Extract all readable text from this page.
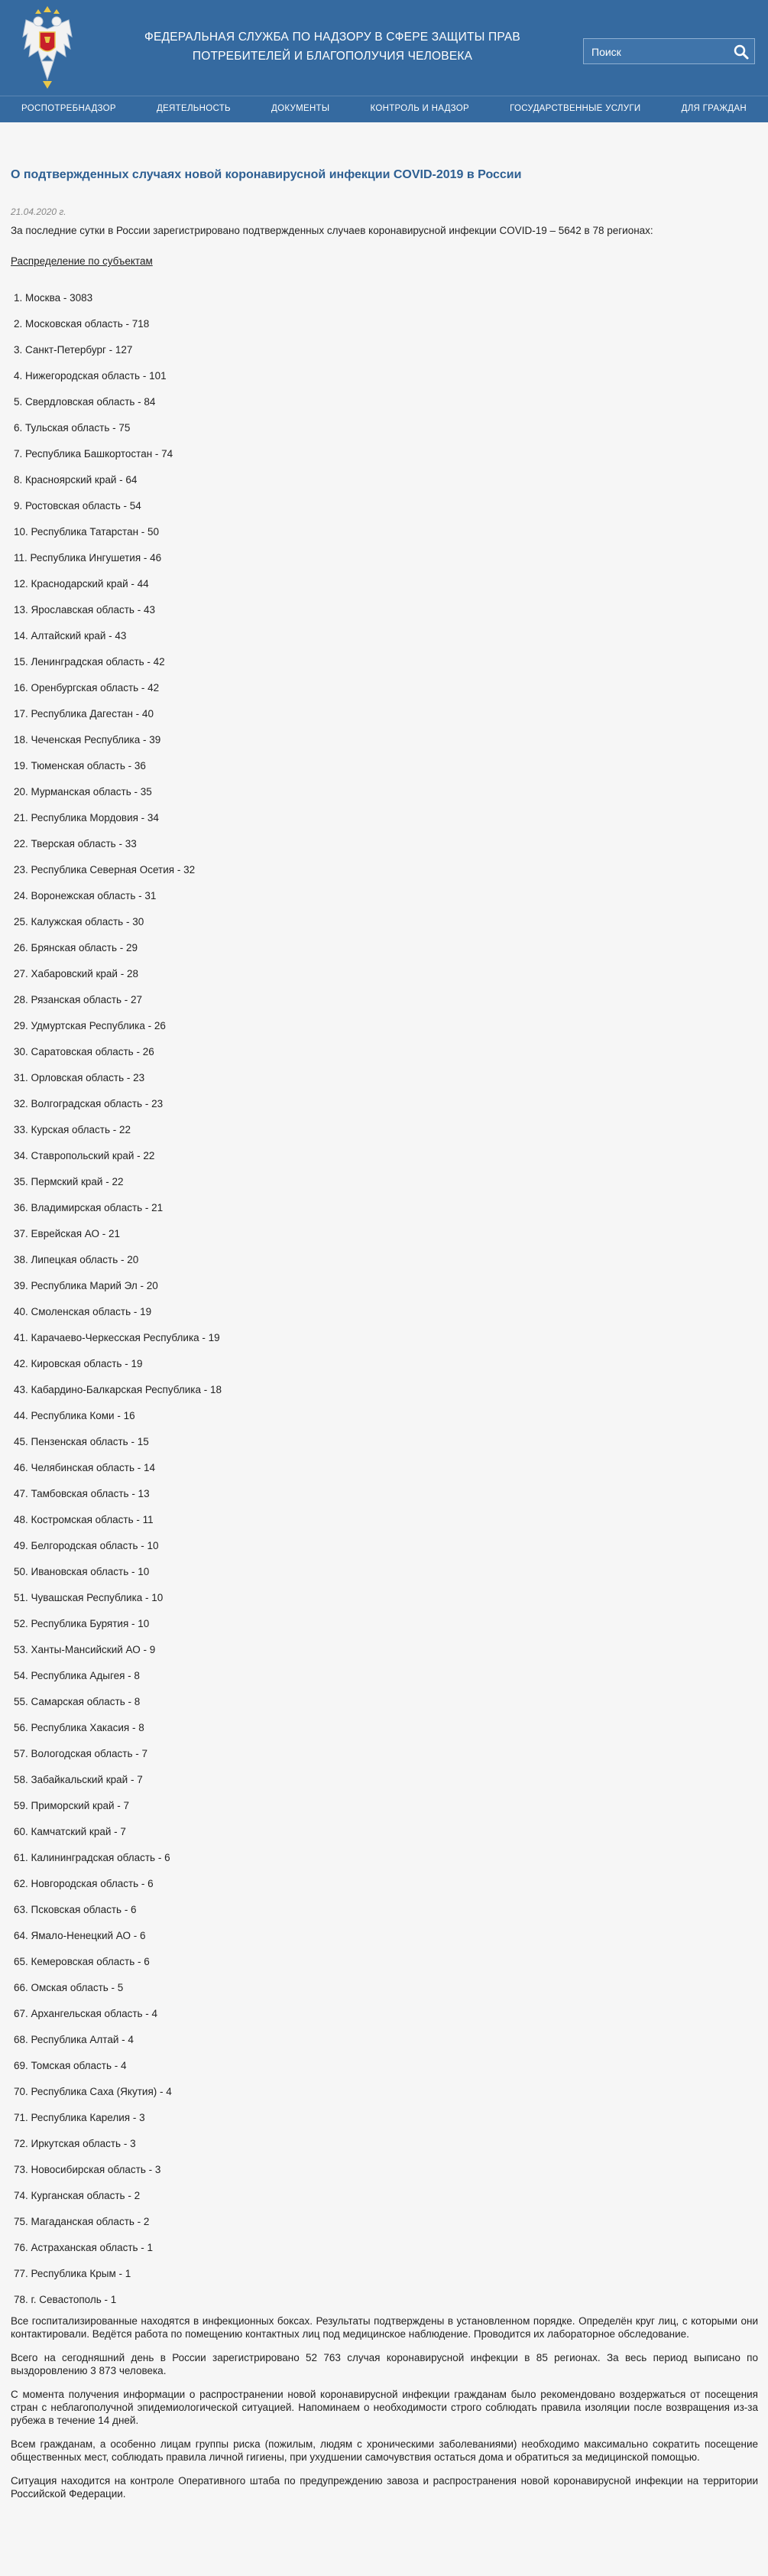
ФЕДЕРАЛЬНАЯ СЛУЖБА ПО НАДЗОРУ В СФЕРЕ ЗАЩИТЫ ПРАВ ПОТРЕБИТЕЛЕЙ И БЛАГОПОЛУЧИЯ ЧЕЛОВЕКА
Поиск
РОСПОТРЕБНАДЗОР	ДЕЯТЕЛЬНОСТЬ	ДОКУМЕНТЫ	КОНТРОЛЬ И НАДЗОР	ГОСУДАРСТВЕННЫЕ УСЛУГИ	ДЛЯ ГРАЖДАН
О подтвержденных случаях новой коронавирусной инфекции COVID-2019 в России
21.04.2020 г.
За последние сутки в России зарегистрировано подтвержденных случаев коронавирусной инфекции COVID-19 – 5642 в 78 регионах:
Распределение по субъектам
1. Москва - 3083
2. Московская область - 718
3. Санкт-Петербург - 127
4. Нижегородская область - 101
5. Свердловская область - 84
6. Тульская область - 75
7. Республика Башкортостан - 74
8. Красноярский край - 64
9. Ростовская область - 54
10. Республика Татарстан - 50
11. Республика Ингушетия - 46
12. Краснодарский край - 44
13. Ярославская область - 43
14. Алтайский край - 43
15. Ленинградская область - 42
16. Оренбургская область - 42
17. Республика Дагестан - 40
18. Чеченская Республика - 39
19. Тюменская область - 36
20. Мурманская область - 35
21. Республика Мордовия - 34
22. Тверская область - 33
23. Республика Северная Осетия - 32
24. Воронежская область - 31
25. Калужская область - 30
26. Брянская область - 29
27. Хабаровский край - 28
28. Рязанская область - 27
29. Удмуртская Республика - 26
30. Саратовская область - 26
31. Орловская область - 23
32. Волгоградская область - 23
33. Курская область - 22
34. Ставропольский край - 22
35. Пермский край - 22
36. Владимирская область - 21
37. Еврейская АО - 21
38. Липецкая область - 20
39. Республика Марий Эл - 20
40. Смоленская область - 19
41. Карачаево-Черкесская Республика - 19
42. Кировская область - 19
43. Кабардино-Балкарская Республика - 18
44. Республика Коми - 16
45. Пензенская область - 15
46. Челябинская область - 14
47. Тамбовская область - 13
48. Костромская область - 11
49. Белгородская область - 10
50. Ивановская область - 10
51. Чувашская Республика - 10
52. Республика Бурятия - 10
53. Ханты-Мансийский АО - 9
54. Республика Адыгея - 8
55. Самарская область - 8
56. Республика Хакасия - 8
57. Вологодская область - 7
58. Забайкальский край - 7
59. Приморский край - 7
60. Камчатский край - 7
61. Калининградская область - 6
62. Новгородская область - 6
63. Псковская область - 6
64. Ямало-Ненецкий АО - 6
65. Кемеровская область - 6
66. Омская область - 5
67. Архангельская область - 4
68. Республика Алтай - 4
69. Томская область - 4
70. Республика Саха (Якутия) - 4
71. Республика Карелия - 3
72. Иркутская область - 3
73. Новосибирская область - 3
74. Курганская область - 2
75. Магаданская область - 2
76. Астраханская область - 1
77. Республика Крым - 1
78. г. Севастополь - 1

Все госпитализированные находятся в инфекционных боксах. Результаты подтверждены в установленном порядке. Определён круг лиц, с которыми они контактировали. Ведётся работа по помещению контактных лиц под медицинское наблюдение. Проводится их лабораторное обследование.

Всего на сегодняшний день в России зарегистрировано 52 763 случая коронавирусной инфекции в 85 регионах. За весь период выписано по выздоровлению 3 873 человека.

С момента получения информации о распространении новой коронавирусной инфекции гражданам было рекомендовано воздержаться от посещения стран с неблагополучной эпидемиологической ситуацией. Напоминаем о необходимости строго соблюдать правила изоляции после возвращения из-за рубежа в течение 14 дней.

Всем гражданам, а особенно лицам группы риска (пожилым, людям с хроническими заболеваниями) необходимо максимально сократить посещение общественных мест, соблюдать правила личной гигиены, при ухудшении самочувствия остаться дома и обратиться за медицинской помощью.

Ситуация находится на контроле Оперативного штаба по предупреждению завоза и распространения новой коронавирусной инфекции на территории Российской Федерации.
